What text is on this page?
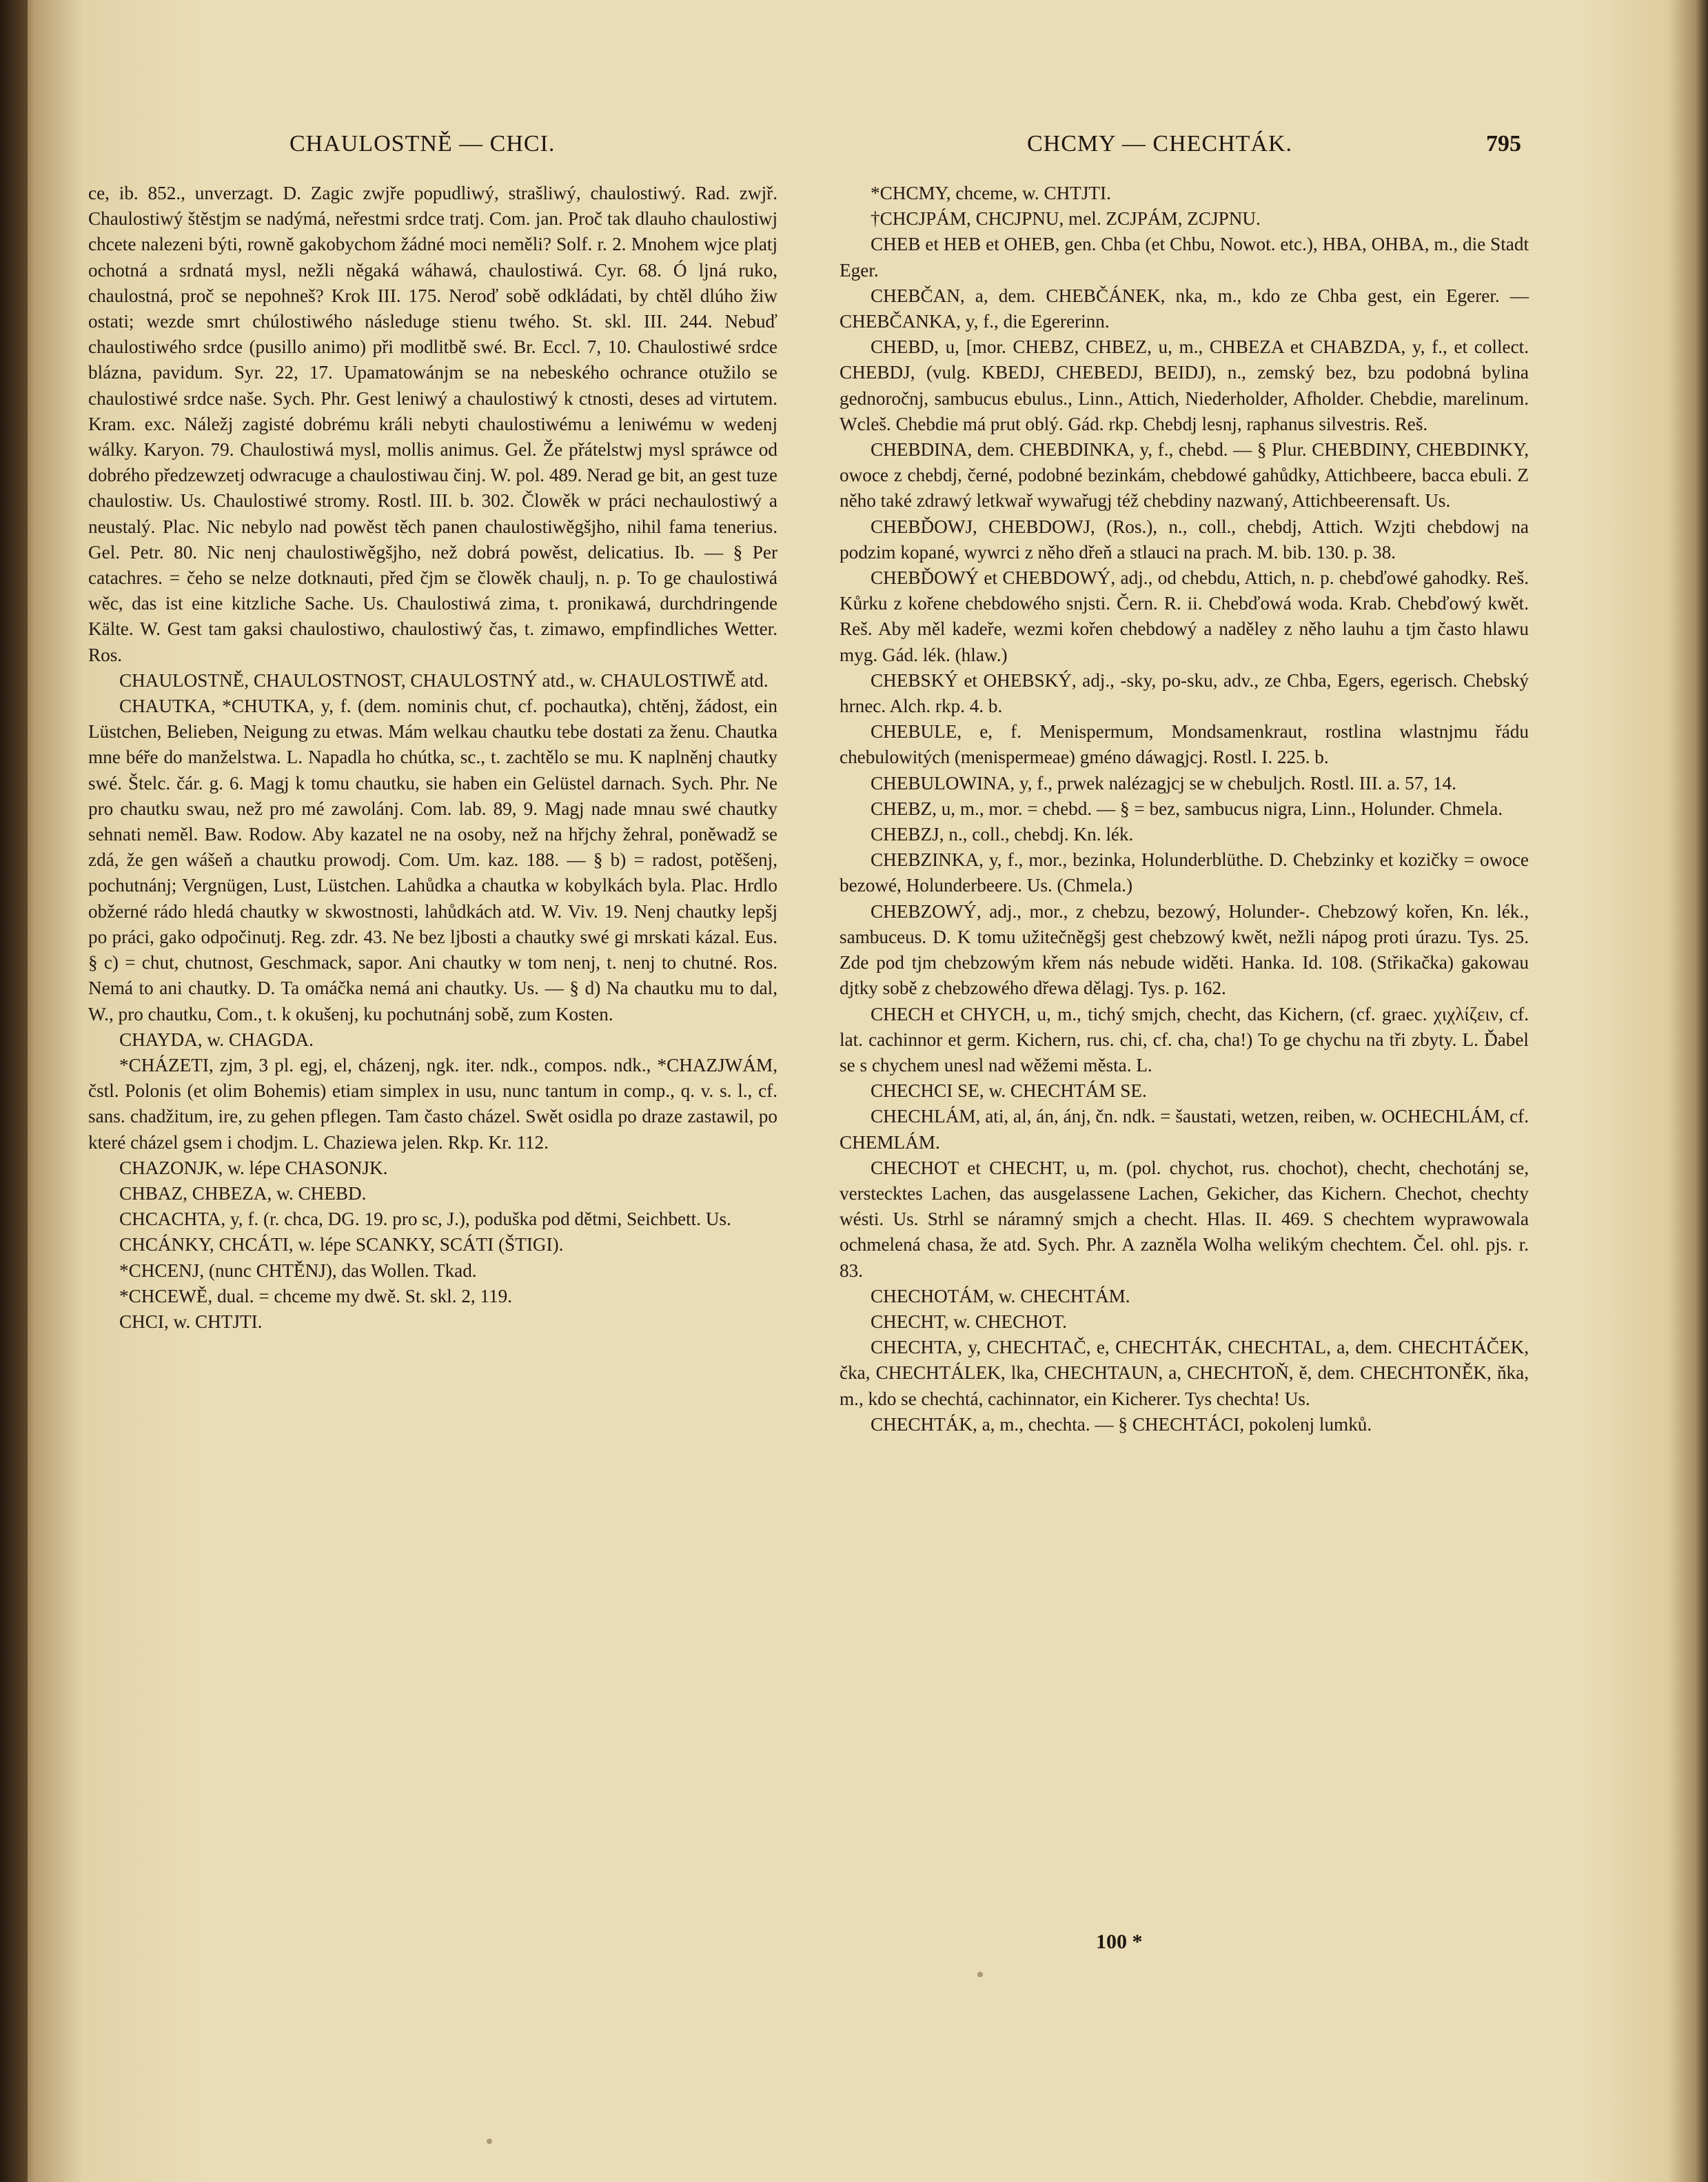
CHAULOSTNĚ — CHCI.	CHCMY — CHECHTÁK.	795

ce, ib. 852., unverzagt. D. Zagic zwjře popudliwý, strašliwý, chaulostiwý. Rad. zwjř. Chaulostiwý štěstjm se nadýmá, neřestmi srdce tratj. Com. jan. Proč tak dlauho chaulostiwj chcete nalezeni býti, rowně gakobychom žádné moci neměli? Solf. r. 2. Mnohem wjce platj ochotná a srdnatá mysl, nežli něgaká wáhawá, chaulostiwá. Cyr. 68. Ó lјná ruko, chaulostná, proč se nepohneš? Krok III. 175. Neroď sobě odkládati, by chtěl dlúho žiw ostati; wezde smrt chúlostiwého následuge stienu twého. St. skl. III. 244. Nebuď chaulostiwého srdce (pusillo animo) při modlitbě swé. Br. Eccl. 7, 10. Chaulostiwé srdce blázna, pavidum. Syr. 22, 17. Upamatowánjm se na nebeského ochrance otužilo se chaulostiwé srdce naše. Sych. Phr. Gest leniwý a chaulostiwý k ctnosti, deses ad virtutem. Kram. exc. Náležj zagisté dobrému králi nebyti chaulostiwému a leniwému w wedenj wálky. Karyon. 79. Chaulostiwá mysl, mollis animus. Gel. Že přátelstwj mysl spráwce od dobrého předzewzetj odwracuge a chaulostiwau činj. W. pol. 489. Nerad ge bit, an gest tuze chaulostiw. Us. Chaulostiwé stromy. Rostl. III. b. 302. Člowěk w práci nechaulostiwý a neustalý. Plac. Nic nebylo nad powěst těch panen chaulostiwěgšjho, nihil fama tenerius. Gel. Petr. 80. Nic nenj chaulostiwěgšjho, než dobrá powěst, delicatius. Ib. — § Per catachres. = čeho se nelze dotknauti, před čjm se člowěk chaulj, n. p. To ge chaulostiwá wěc, das ist eine kitzliche Sache. Us. Chaulostiwá zima, t. pronikawá, durchdringende Kälte. W. Gest tam gaksi chaulostiwo, chaulostiwý čas, t. zimawo, empfindliches Wetter. Ros.

CHAULOSTNĚ, CHAULOSTNOST, CHAULOSTNÝ atd., w. CHAULOSTIWĚ atd.

CHAUTKA, *CHUTKA, y, f. (dem. nominis chut, cf. pochautka), chtěnj, žádost, ein Lüstchen, Belieben, Neigung zu etwas. Mám welkau chautku tebe dostati za ženu. Chautka mne béře do manželstwa. L. Napadla ho chútka, sc., t. zachtělo se mu. K naplněnj chautky swé. Štelc. čár. g. 6. Magj k tomu chautku, sie haben ein Gelüstel darnach. Sych. Phr. Ne pro chautku swau, než pro mé zawolánj. Com. lab. 89, 9. Magj nade mnau swé chautky sehnati neměl. Baw. Rodow. Aby kazatel ne na osoby, než na hřjchy žehral, poněwadž se zdá, že gen wášeň a chautku prowodj. Com. Um. kaz. 188. — § b) = radost, potěšenj, pochutnánj; Vergnügen, Lust, Lüstchen. Lahůdka a chautka w kobylkách byla. Plac. Hrdlo obžerné rádo hledá chautky w skwostnosti, lahůdkách atd. W. Viv. 19. Nenj chautky lepšj po práci, gako odpočinutj. Reg. zdr. 43. Ne bez ljbosti a chautky swé gi mrskati kázal. Eus. § c) = chut, chutnost, Geschmack, sapor. Ani chautky w tom nenj, t. nenj to chutné. Ros. Nemá to ani chautky. D. Ta omáčka nemá ani chautky. Us. — § d) Na chautku mu to dal, W., pro chautku, Com., t. k okušenj, ku pochutnánj sobě, zum Kosten.

CHAYDA, w. CHAGDA.

*CHÁZETI, zjm, 3 pl. egj, el, cházenj, ngk. iter. ndk., compos. ndk., *CHAZJWÁM, čstl. Polonis (et olim Bohemis) etiam simplex in usu, nunc tantum in comp., q. v. s. l., cf. sans. chadžitum, ire, zu gehen pflegen. Tam často cházel. Swět osidla po draze zastawil, po které cházel gsem i chodjm. L. Chaziewa jelen. Rkp. Kr. 112.

CHAZONJK, w. lépe CHASONJK.

CHBAZ, CHBEZA, w. CHEBD.

CHCACHTA, y, f. (r. chca, DG. 19. pro sc, J.), poduška pod dětmi, Seichbett. Us.

CHCÁNKY, CHCÁTI, w. lépe SCANKY, SCÁTI (ŠTIGI).

*CHCENJ, (nunc CHTĚNJ), das Wollen. Tkad.

*CHCEWĚ, dual. = chceme my dwě. St. skl. 2, 119.

CHCI, w. CHTJTI.

*CHCMY, chceme, w. CHTJTI.

†CHCJPÁM, CHCJPNU, mel. ZCJPÁM, ZCJPNU.

CHEB et HEB et OHEB, gen. Chba (et Chbu, Nowot. etc.), HBA, OHBA, m., die Stadt Eger.

CHEBČAN, a, dem. CHEBČÁNEK, nka, m., kdo ze Chba gest, ein Egerer. — CHEBČANKA, y, f., die Egererinn.

CHEBD, u, [mor. CHEBZ, CHBEZ, u, m., CHBEZA et CHABZDA, y, f., et collect. CHEBDJ, (vulg. KBEDJ, CHEBEDJ, BEIDJ), n., zemský bez, bzu podobná bylina gednoročnj, sambucus ebulus., Linn., Attich, Niederholder, Afholder. Chebdie, marelinum. Wcleš. Chebdie má prut oblý. Gád. rkp. Chebdj lesnj, raphanus silvestris. Reš.

CHEBDINA, dem. CHEBDINKA, y, f., chebd. — § Plur. CHEBDINY, CHEBDINKY, owoce z chebdj, černé, podobné bezinkám, chebdowé gahůdky, Attichbeere, bacca ebuli. Z něho také zdrawý letkwař wywařugj též chebdiny nazwaný, Attichbeerensaft. Us.

CHEBĎOWJ, CHEBDOWJ, (Ros.), n., coll., chebdj, Attich. Wzjti chebdowj na podzim kopané, wywrci z něho dřeň a stlauci na prach. M. bib. 130. p. 38.

CHEBĎOWÝ et CHEBDOWÝ, adj., od chebdu, Attich, n. p. chebďowé gahodky. Reš. Kůrku z kořene chebdowého snjsti. Čern. R. ii. Chebďowá woda. Krab. Chebďowý kwět. Reš. Aby měl kadeře, wezmi kořen chebdowý a naděley z něho lauhu a tjm často hlawu myg. Gád. lék. (hlaw.)

CHEBSKÝ et OHEBSKÝ, adj., -sky, po-sku, adv., ze Chba, Egers, egerisch. Chebský hrnec. Alch. rkp. 4. b.

CHEBULE, e, f. Menispermum, Mondsamenkraut, rostlina wlastnjmu řádu chebulowitých (menispermeae) gméno dáwagjcj. Rostl. I. 225. b.

CHEBULOWINA, y, f., prwek nalézagjcj se w chebuljch. Rostl. III. a. 57, 14.

CHEBZ, u, m., mor. = chebd. — § = bez, sambucus nigra, Linn., Holunder. Chmela.

CHEBZJ, n., coll., chebdj. Kn. lék.

CHEBZINKA, y, f., mor., bezinka, Holunderblüthe. D. Chebzinky et kozičky = owoce bezowé, Holunderbeere. Us. (Chmela.)

CHEBZOWÝ, adj., mor., z chebzu, bezowý, Holunder-. Chebzowý kořen, Kn. lék., sambuceus. D. K tomu užitečněgšj gest chebzowý kwět, nežli nápog proti úrazu. Tys. 25. Zde pod tjm chebzowým křem nás nebude widěti. Hanka. Id. 108. (Střikačka) gakowau djtky sobě z chebzowého dřewa dělagj. Tys. p. 162.

CHECH et CHYCH, u, m., tichý smjch, checht, das Kichern, (cf. graec. χιχλίζειν, cf. lat. cachinnor et germ. Kichern, rus. chi, cf. cha, cha!) To ge chychu na tři zbyty. L. Ďabel se s chychem unesl nad wěžemi města. L.

CHECHCI SE, w. CHECHTÁM SE.

CHECHLÁM, ati, al, án, ánj, čn. ndk. = šaustati, wetzen, reiben, w. OCHECHLÁM, cf. CHEMLÁM.

CHECHOT et CHECHT, u, m. (pol. chychot, rus. chochot), checht, chechotánj se, verstecktes Lachen, das ausgelassene Lachen, Gekicher, das Kichern. Chechot, chechty wésti. Us. Strhl se náramný smjch a checht. Hlas. II. 469. S chechtem wyprawowala ochmelená chasa, že atd. Sych. Phr. A zazněla Wolha welikým chechtem. Čel. ohl. pjs. r. 83.

CHECHOTÁM, w. CHECHTÁM.

CHECHT, w. CHECHOT.

CHECHTA, y, CHECHTAČ, e, CHECHTÁK, CHECHTAL, a, dem. CHECHTÁČEK, čka, CHECHTÁLEK, lka, CHECHTAUN, a, CHECHTOŇ, ě, dem. CHECHTONĚK, ňka, m., kdo se chechtá, cachinnator, ein Kicherer. Tys chechta! Us.

CHECHTÁK, a, m., chechta. — § CHECHTÁCI, pokolenj lumků.

100 *
